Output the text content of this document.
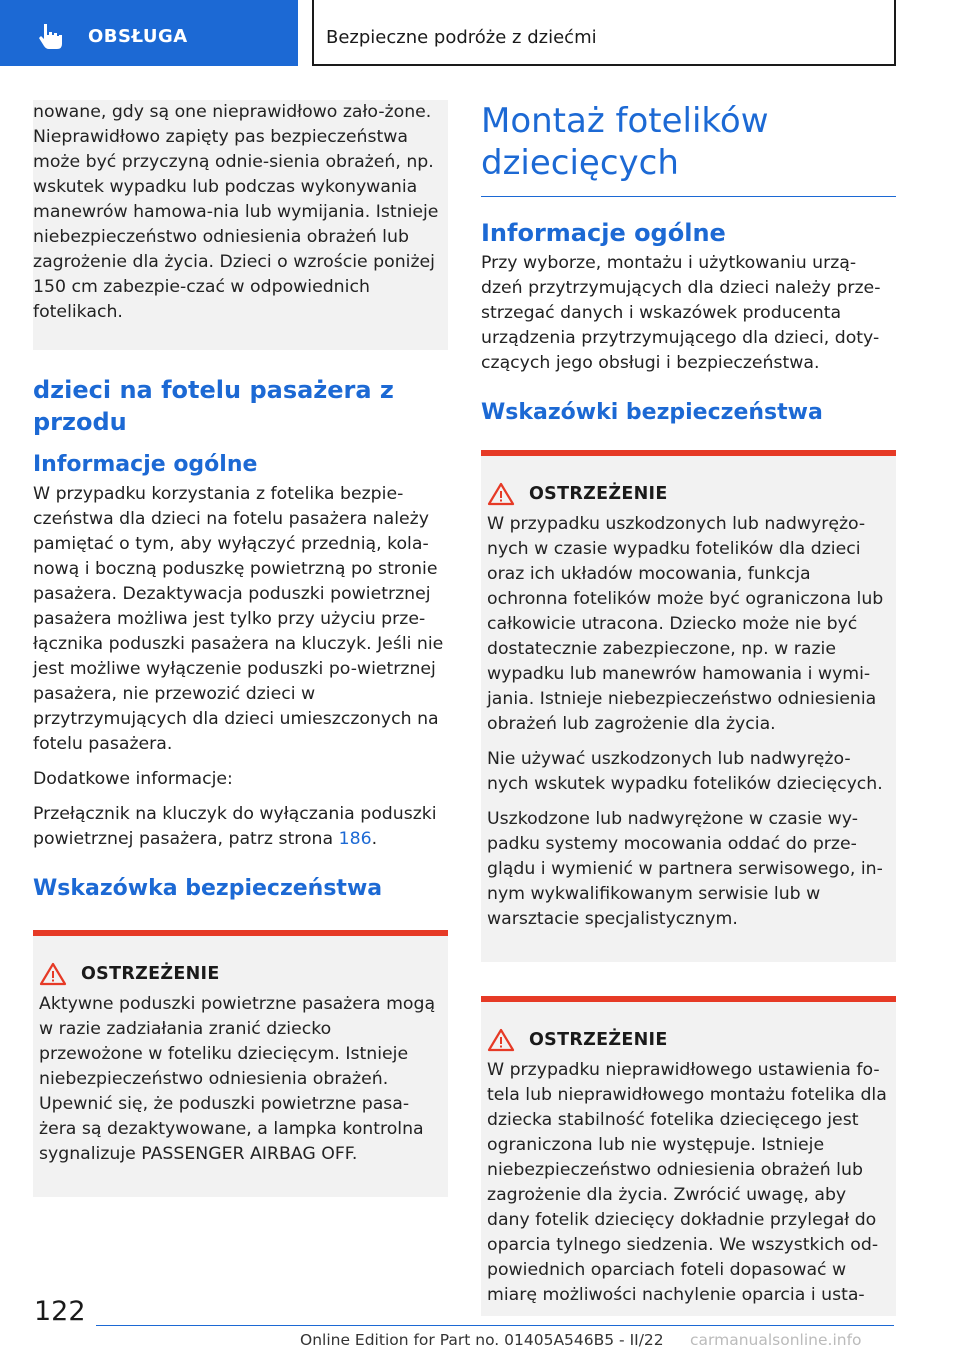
OBSŁUGA	Bezpieczne podróże z dziećmi

nowane, gdy są one nieprawidłowo zało-żone. Nieprawidłowo zapięty pas bezpieczeństwa może być przyczyną odnie-sienia obrażeń, np. wskutek wypadku lub podczas wykonywania manewrów hamowa-nia lub wymijania. Istnieje niebezpieczeństwo odniesienia obrażeń lub zagrożenie dla życia. Dzieci o wzroście poniżej 150 cm zabezpie-czać w odpowiednich fotelikach.

dzieci na fotelu pasażera z przodu
Informacje ogólne

W przypadku korzystania z fotelika bezpie-czeństwa dla dzieci na fotelu pasażera należy pamiętać o tym, aby wyłączyć przednią, kola-nową i boczną poduszkę powietrzną po stronie pasażera. Dezaktywacja poduszki powietrznej pasażera możliwa jest tylko przy użyciu prze-łącznika poduszki pasażera na kluczyk. Jeśli nie jest możliwe wyłączenie poduszki po-wietrznej pasażera, nie przewozić dzieci w przytrzymujących dla dzieci umieszczonych na fotelu pasażera.

Dodatkowe informacje:

Przełącznik na kluczyk do wyłączania poduszki powietrznej pasażera, patrz strona 186.

Wskazówka bezpieczeństwa
OSTRZEŻENIE

Aktywne poduszki powietrzne pasażera mogą w razie zadziałania zranić dziecko przewożone w foteliku dziecięcym. Istnieje niebezpieczeństwo odniesienia obrażeń. Upewnić się, że poduszki powietrzne pasa-żera są dezaktywowane, a lampka kontrolna sygnalizuje PASSENGER AIRBAG OFF.

Montaż fotelików dziecięcych
Informacje ogólne

Przy wyborze, montażu i użytkowaniu urzą-dzeń przytrzymujących dla dzieci należy prze-strzegać danych i wskazówek producenta urządzenia przytrzymującego dla dzieci, doty-czących jego obsługi i bezpieczeństwa.

Wskazówki bezpieczeństwa
OSTRZEŻENIE

W przypadku uszkodzonych lub nadwyrężo-nych w czasie wypadku fotelików dla dzieci oraz ich układów mocowania, funkcja ochronna fotelików może być ograniczona lub całkowicie utracona. Dziecko może nie być dostatecznie zabezpieczone, np. w razie wypadku lub manewrów hamowania i wymi-jania. Istnieje niebezpieczeństwo odniesienia obrażeń lub zagrożenie dla życia.

Nie używać uszkodzonych lub nadwyrężo-nych wskutek wypadku fotelików dziecięcych.

Uszkodzone lub nadwyrężone w czasie wy-padku systemy mocowania oddać do prze-glądu i wymienić w partnera serwisowego, in-nym wykwalifikowanym serwisie lub w warsztacie specjalistycznym.

OSTRZEŻENIE

W przypadku nieprawidłowego ustawienia fo-tela lub nieprawidłowego montażu fotelika dla dziecka stabilność fotelika dziecięcego jest ograniczona lub nie występuje. Istnieje niebezpieczeństwo odniesienia obrażeń lub zagrożenie dla życia. Zwrócić uwagę, aby dany fotelik dziecięcy dokładnie przylegał do oparcia tylnego siedzenia. We wszystkich od-powiednich oparciach foteli dopasować w miarę możliwości nachylenie oparcia i usta-

122
Online Edition for Part no. 01405A546B5 - II/22 carmanualsonline.info
